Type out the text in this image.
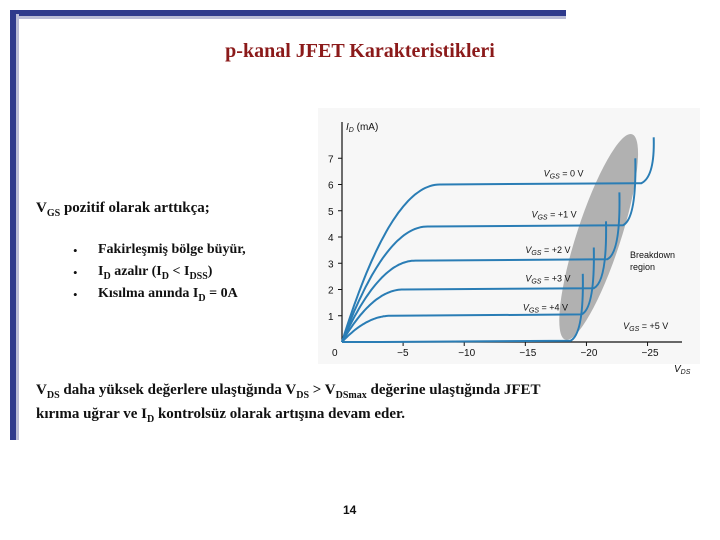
p-kanal JFET Karakteristikleri
$V_{GS}$ pozitif olarak arttıkça;
• Fakirleşmiş bölge büyür,
• $I_D$ azalır $(I_D < I_{DSS})$
• Kısılma anında $I_D = 0A$
0	−5	−10	−15	−20	−25
1
2
3
4
5
6
7
$I_D$ (mA)
$V_{DS}$
$V_{GS} = 0$ V
$V_{GS} = +1$ V
$V_{GS} = +2$ V
$V_{GS} = +3$ V
$V_{GS} = +4$ V
$V_{GS} = +5$ V
Breakdown
region
$V_{DS}$ daha yüksek değerlere ulaştığında $V_{DS} > V_{DSmax}$ değerine ulaştığında JFET
kırıma uğrar ve $I_D$ kontrolsüz olarak artışına devam eder.
14
